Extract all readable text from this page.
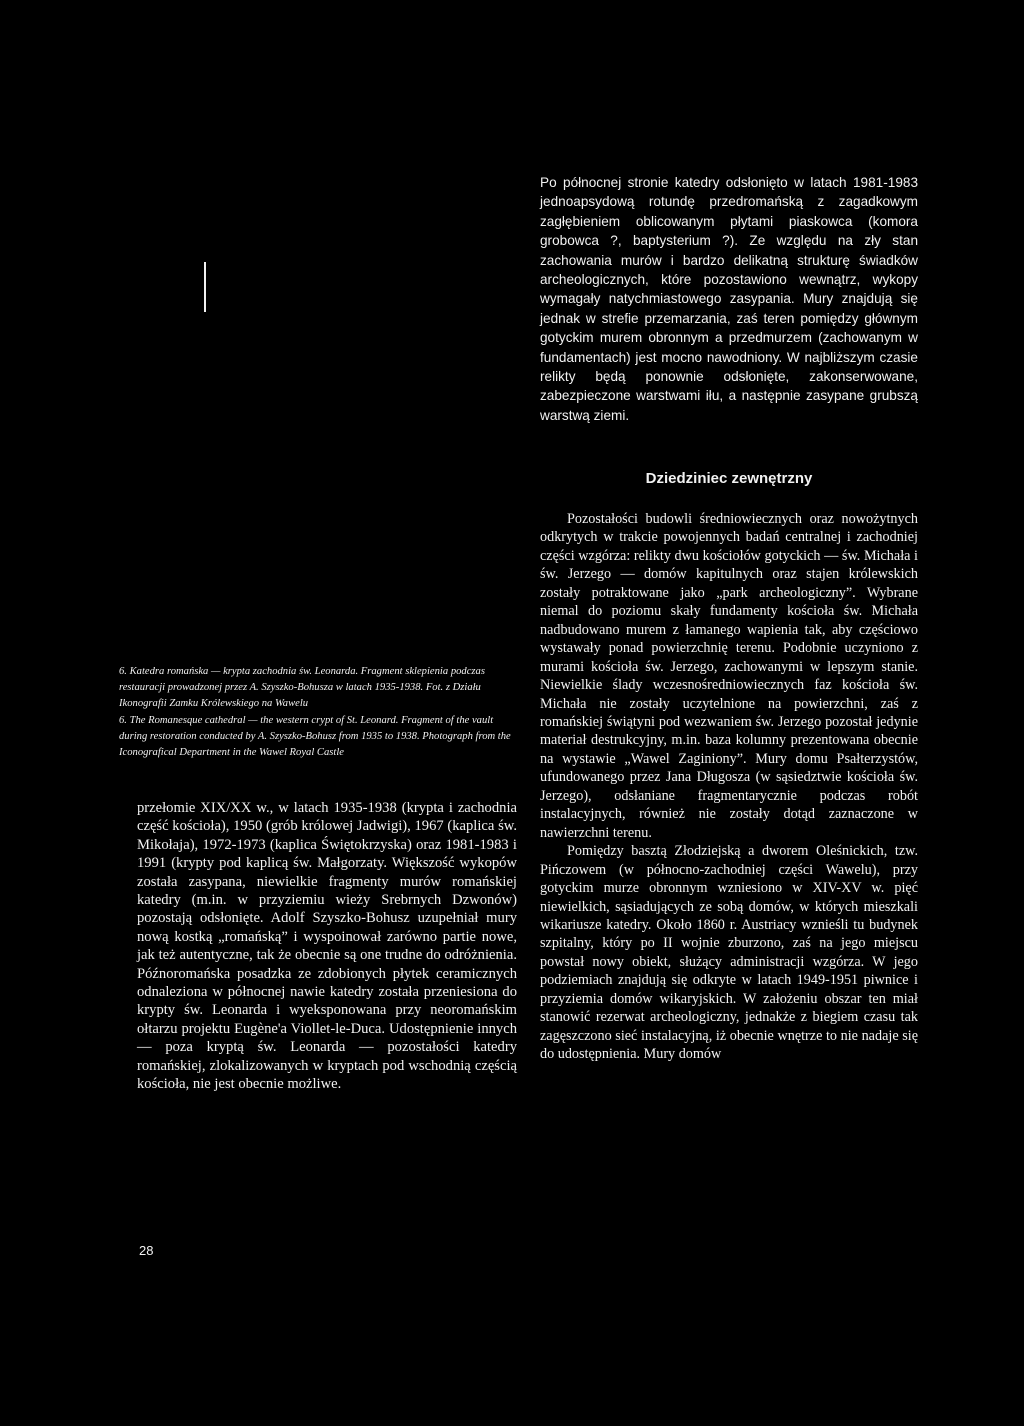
Po północnej stronie katedry odsłonięto w latach 1981-1983 jednoapsydową rotundę przedromańską z zagadkowym zagłębieniem oblicowanym płytami piaskowca (komora grobowca ?, baptysterium ?). Ze względu na zły stan zachowania murów i bardzo delikatną strukturę świadków archeologicznych, które pozostawiono wewnątrz, wykopy wymagały natychmiastowego zasypania. Mury znajdują się jednak w strefie przemarzania, zaś teren pomiędzy głównym gotyckim murem obronnym a przedmurzem (zachowanym w fundamentach) jest mocno nawodniony. W najbliższym czasie relikty będą ponownie odsłonięte, zakonserwowane, zabezpieczone warstwami iłu, a następnie zasypane grubszą warstwą ziemi.

Dziedziniec zewnętrzny

Pozostałości budowli średniowiecznych oraz nowożytnych odkrytych w trakcie powojennych badań centralnej i zachodniej części wzgórza: relikty dwu kościołów gotyckich — św. Michała i św. Jerzego — domów kapitulnych oraz stajen królewskich zostały potraktowane jako „park archeologiczny”. Wybrane niemal do poziomu skały fundamenty kościoła św. Michała nadbudowano murem z łamanego wapienia tak, aby częściowo wystawały ponad powierzchnię terenu. Podobnie uczyniono z murami kościoła św. Jerzego, zachowanymi w lepszym stanie. Niewielkie ślady wczesnośredniowiecznych faz kościoła św. Michała nie zostały uczytelnione na powierzchni, zaś z romańskiej świątyni pod wezwaniem św. Jerzego pozostał jedynie materiał destrukcyjny, m.in. baza kolumny prezentowana obecnie na wystawie „Wawel Zaginiony”. Mury domu Psałterzystów, ufundowanego przez Jana Długosza (w sąsiedztwie kościoła św. Jerzego), odsłaniane fragmentarycznie podczas robót instalacyjnych, również nie zostały dotąd zaznaczone w nawierzchni terenu.

Pomiędzy basztą Złodziejską a dworem Oleśnickich, tzw. Pińczowem (w północno-zachodniej części Wawelu), przy gotyckim murze obronnym wzniesiono w XIV-XV w. pięć niewielkich, sąsiadujących ze sobą domów, w których mieszkali wikariusze katedry. Około 1860 r. Austriacy wznieśli tu budynek szpitalny, który po II wojnie zburzono, zaś na jego miejscu powstał nowy obiekt, służący administracji wzgórza. W jego podziemiach znajdują się odkryte w latach 1949-1951 piwnice i przyziemia domów wikaryjskich. W założeniu obszar ten miał stanowić rezerwat archeologiczny, jednakże z biegiem czasu tak zagęszczono sieć instalacyjną, iż obecnie wnętrze to nie nadaje się do udostępnienia. Mury domów

6. Katedra romańska — krypta zachodnia św. Leonarda. Fragment sklepienia podczas restauracji prowadzonej przez A. Szyszko-Bohusza w latach 1935-1938. Fot. z Działu Ikonografii Zamku Królewskiego na Wawelu

6. The Romanesque cathedral — the western crypt of St. Leonard. Fragment of the vault during restoration conducted by A. Szyszko-Bohusz from 1935 to 1938. Photograph from the Iconografical Department in the Wawel Royal Castle

przełomie XIX/XX w., w latach 1935-1938 (krypta i zachodnia część kościoła), 1950 (grób królowej Jadwigi), 1967 (kaplica św. Mikołaja), 1972-1973 (kaplica Świętokrzyska) oraz 1981-1983 i 1991 (krypty pod kaplicą św. Małgorzaty. Większość wykopów została zasypana, niewielkie fragmenty murów romańskiej katedry (m.in. w przyziemiu wieży Srebrnych Dzwonów) pozostają odsłonięte. Adolf Szyszko-Bohusz uzupełniał mury nową kostką „romańską” i wyspoinował zarówno partie nowe, jak też autentyczne, tak że obecnie są one trudne do odróżnienia. Późnoromańska posadzka ze zdobionych płytek ceramicznych odnaleziona w północnej nawie katedry została przeniesiona do krypty św. Leonarda i wyeksponowana przy neoromańskim ołtarzu projektu Eugène'a Viollet-le-Duca. Udostępnienie innych — poza kryptą św. Leonarda — pozostałości katedry romańskiej, zlokalizowanych w kryptach pod wschodnią częścią kościoła, nie jest obecnie możliwe.

28
